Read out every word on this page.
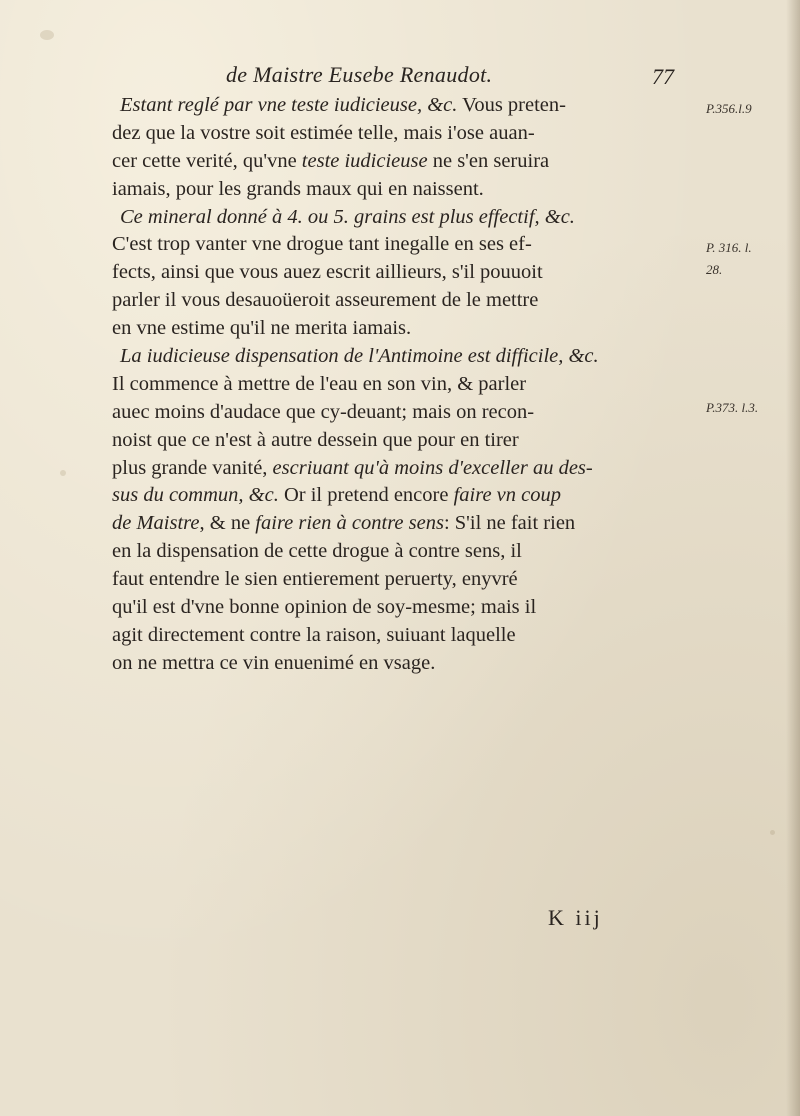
de Maistre Eusebe Renaudot.	77
Estant reglé par vne teste iudicieuse, &c. Vous preten-
dez que la vostre soit estimée telle, mais i'ose auan-
cer cette verité, qu'vne teste iudicieuse ne s'en seruira
iamais, pour les grands maux qui en naissent.
Ce mineral donné à 4. ou 5. grains est plus effectif, &c.
C'est trop vanter vne drogue tant inegalle en ses ef-
fects, ainsi que vous auez escrit aillieurs, s'il pouuoit
parler il vous desauoüeroit asseurement de le mettre
en vne estime qu'il ne merita iamais.
La iudicieuse dispensation de l'Antimoine est difficile, &c.
Il commence à mettre de l'eau en son vin, & parler
auec moins d'audace que cy-deuant; mais on recon-
noist que ce n'est à autre dessein que pour en tirer
plus grande vanité, escriuant qu'à moins d'exceller au des-
sus du commun, &c. Or il pretend encore faire vn coup
de Maistre, & ne faire rien à contre sens: S'il ne fait rien
en la dispensation de cette drogue à contre sens, il
faut entendre le sien entierement peruerty, enyvré
qu'il est d'vne bonne opinion de soy-mesme; mais il
agit directement contre la raison, suiuant laquelle
on ne mettra ce vin enuenimé en vsage.
P.356.l.9
P. 316. l.
28.
P.373. l.3.
K iij
